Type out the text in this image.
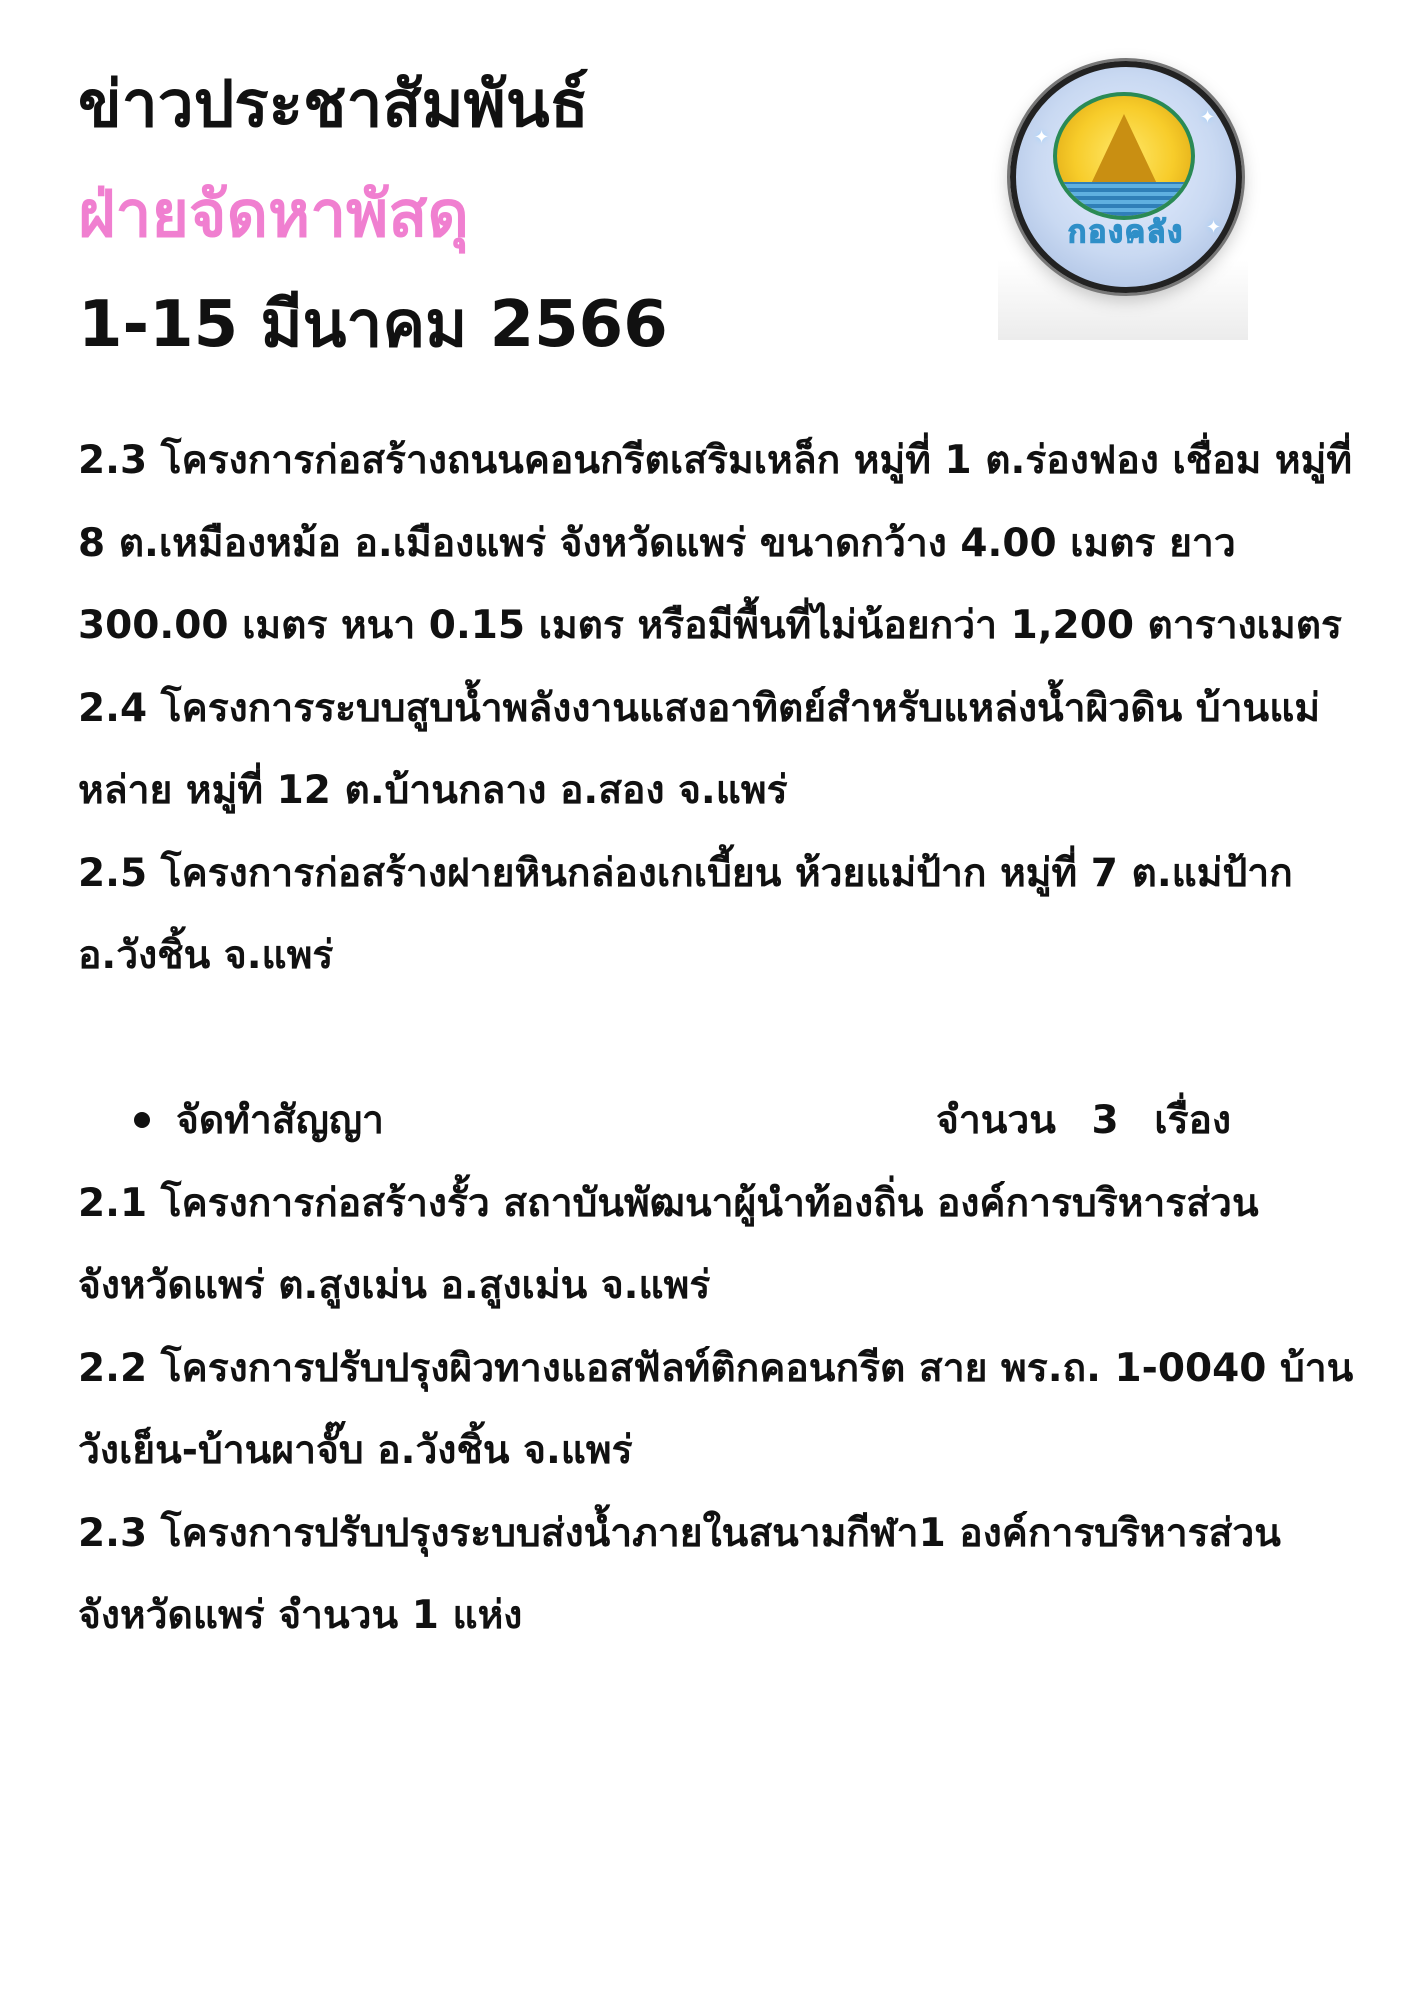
ข่าวประชาสัมพันธ์
ฝ่ายจัดหาพัสดุ
1-15 มีนาคม 2566
✦
✦
✦
กองคลัง

2.3 โครงการก่อสร้างถนนคอนกรีตเสริมเหล็ก หมู่ที่ 1 ต.ร่องฟอง เชื่อม หมู่ที่ 8 ต.เหมืองหม้อ อ.เมืองแพร่ จังหวัดแพร่ ขนาดกว้าง 4.00 เมตร ยาว 300.00 เมตร หนา 0.15 เมตร หรือมีพื้นที่ไม่น้อยกว่า 1,200 ตารางเมตร

2.4 โครงการระบบสูบน้ำพลังงานแสงอาทิตย์สำหรับแหล่งน้ำผิวดิน บ้านแม่หล่าย หมู่ที่ 12 ต.บ้านกลาง อ.สอง จ.แพร่

2.5 โครงการก่อสร้างฝายหินกล่องเกเบี้ยน ห้วยแม่ป้าก หมู่ที่ 7 ต.แม่ป้าก อ.วังชิ้น จ.แพร่

จัดทำสัญญา	จำนวน 3 เรื่อง

2.1 โครงการก่อสร้างรั้ว สถาบันพัฒนาผู้นำท้องถิ่น องค์การบริหารส่วนจังหวัดแพร่ ต.สูงเม่น อ.สูงเม่น จ.แพร่

2.2 โครงการปรับปรุงผิวทางแอสฟัลท์ติกคอนกรีต สาย พร.ถ. 1-0040 บ้านวังเย็น-บ้านผาจั๊บ อ.วังชิ้น จ.แพร่

2.3 โครงการปรับปรุงระบบส่งน้ำภายในสนามกีฬา1 องค์การบริหารส่วนจังหวัดแพร่ จำนวน 1 แห่ง
